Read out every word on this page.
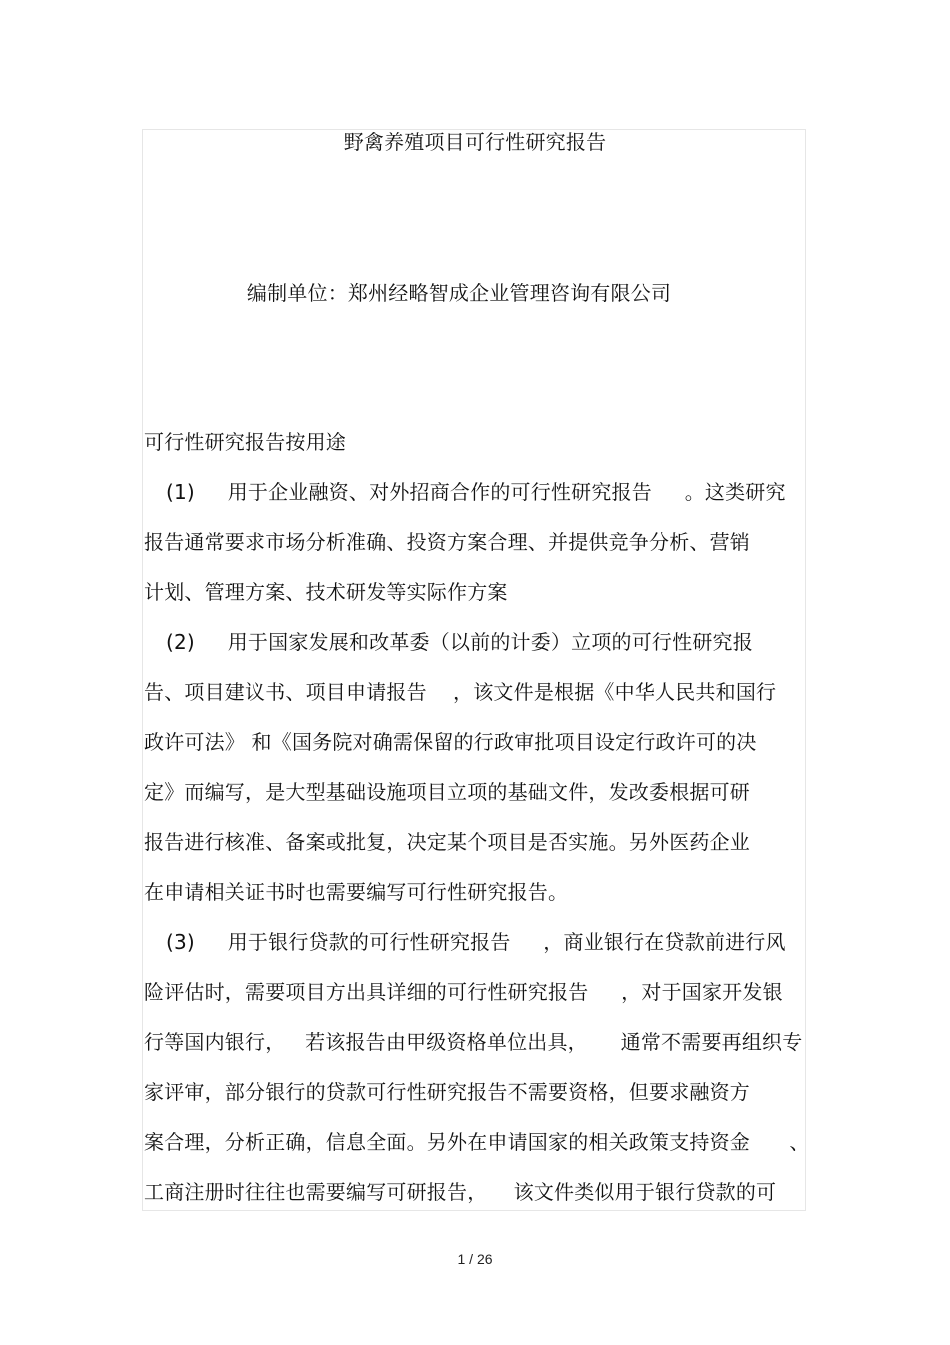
野禽养殖项目可行性研究报告
编制单位：郑州经略智成企业管理咨询有限公司
可行性研究报告按用途
(1)     用于企业融资、对外招商合作的可行性研究报告     。这类研究
报告通常要求市场分析准确、投资方案合理、并提供竞争分析、营销
计划、管理方案、技术研发等实际作方案
(2)     用于国家发展和改革委（以前的计委）立项的可行性研究报
告、项目建议书、项目申请报告    ，该文件是根据《中华人民共和国行
政许可法》 和《国务院对确需保留的行政审批项目设定行政许可的决
定》而编写，是大型基础设施项目立项的基础文件，发改委根据可研
报告进行核准、备案或批复，决定某个项目是否实施。另外医药企业
在申请相关证书时也需要编写可行性研究报告。
(3)     用于银行贷款的可行性研究报告     ，商业银行在贷款前进行风
险评估时，需要项目方出具详细的可行性研究报告     ，对于国家开发银
行等国内银行，   若该报告由甲级资格单位出具，     通常不需要再组织专
家评审，部分银行的贷款可行性研究报告不需要资格，但要求融资方
案合理，分析正确，信息全面。另外在申请国家的相关政策支持资金      、
工商注册时往往也需要编写可研报告，    该文件类似用于银行贷款的可
1 / 26
